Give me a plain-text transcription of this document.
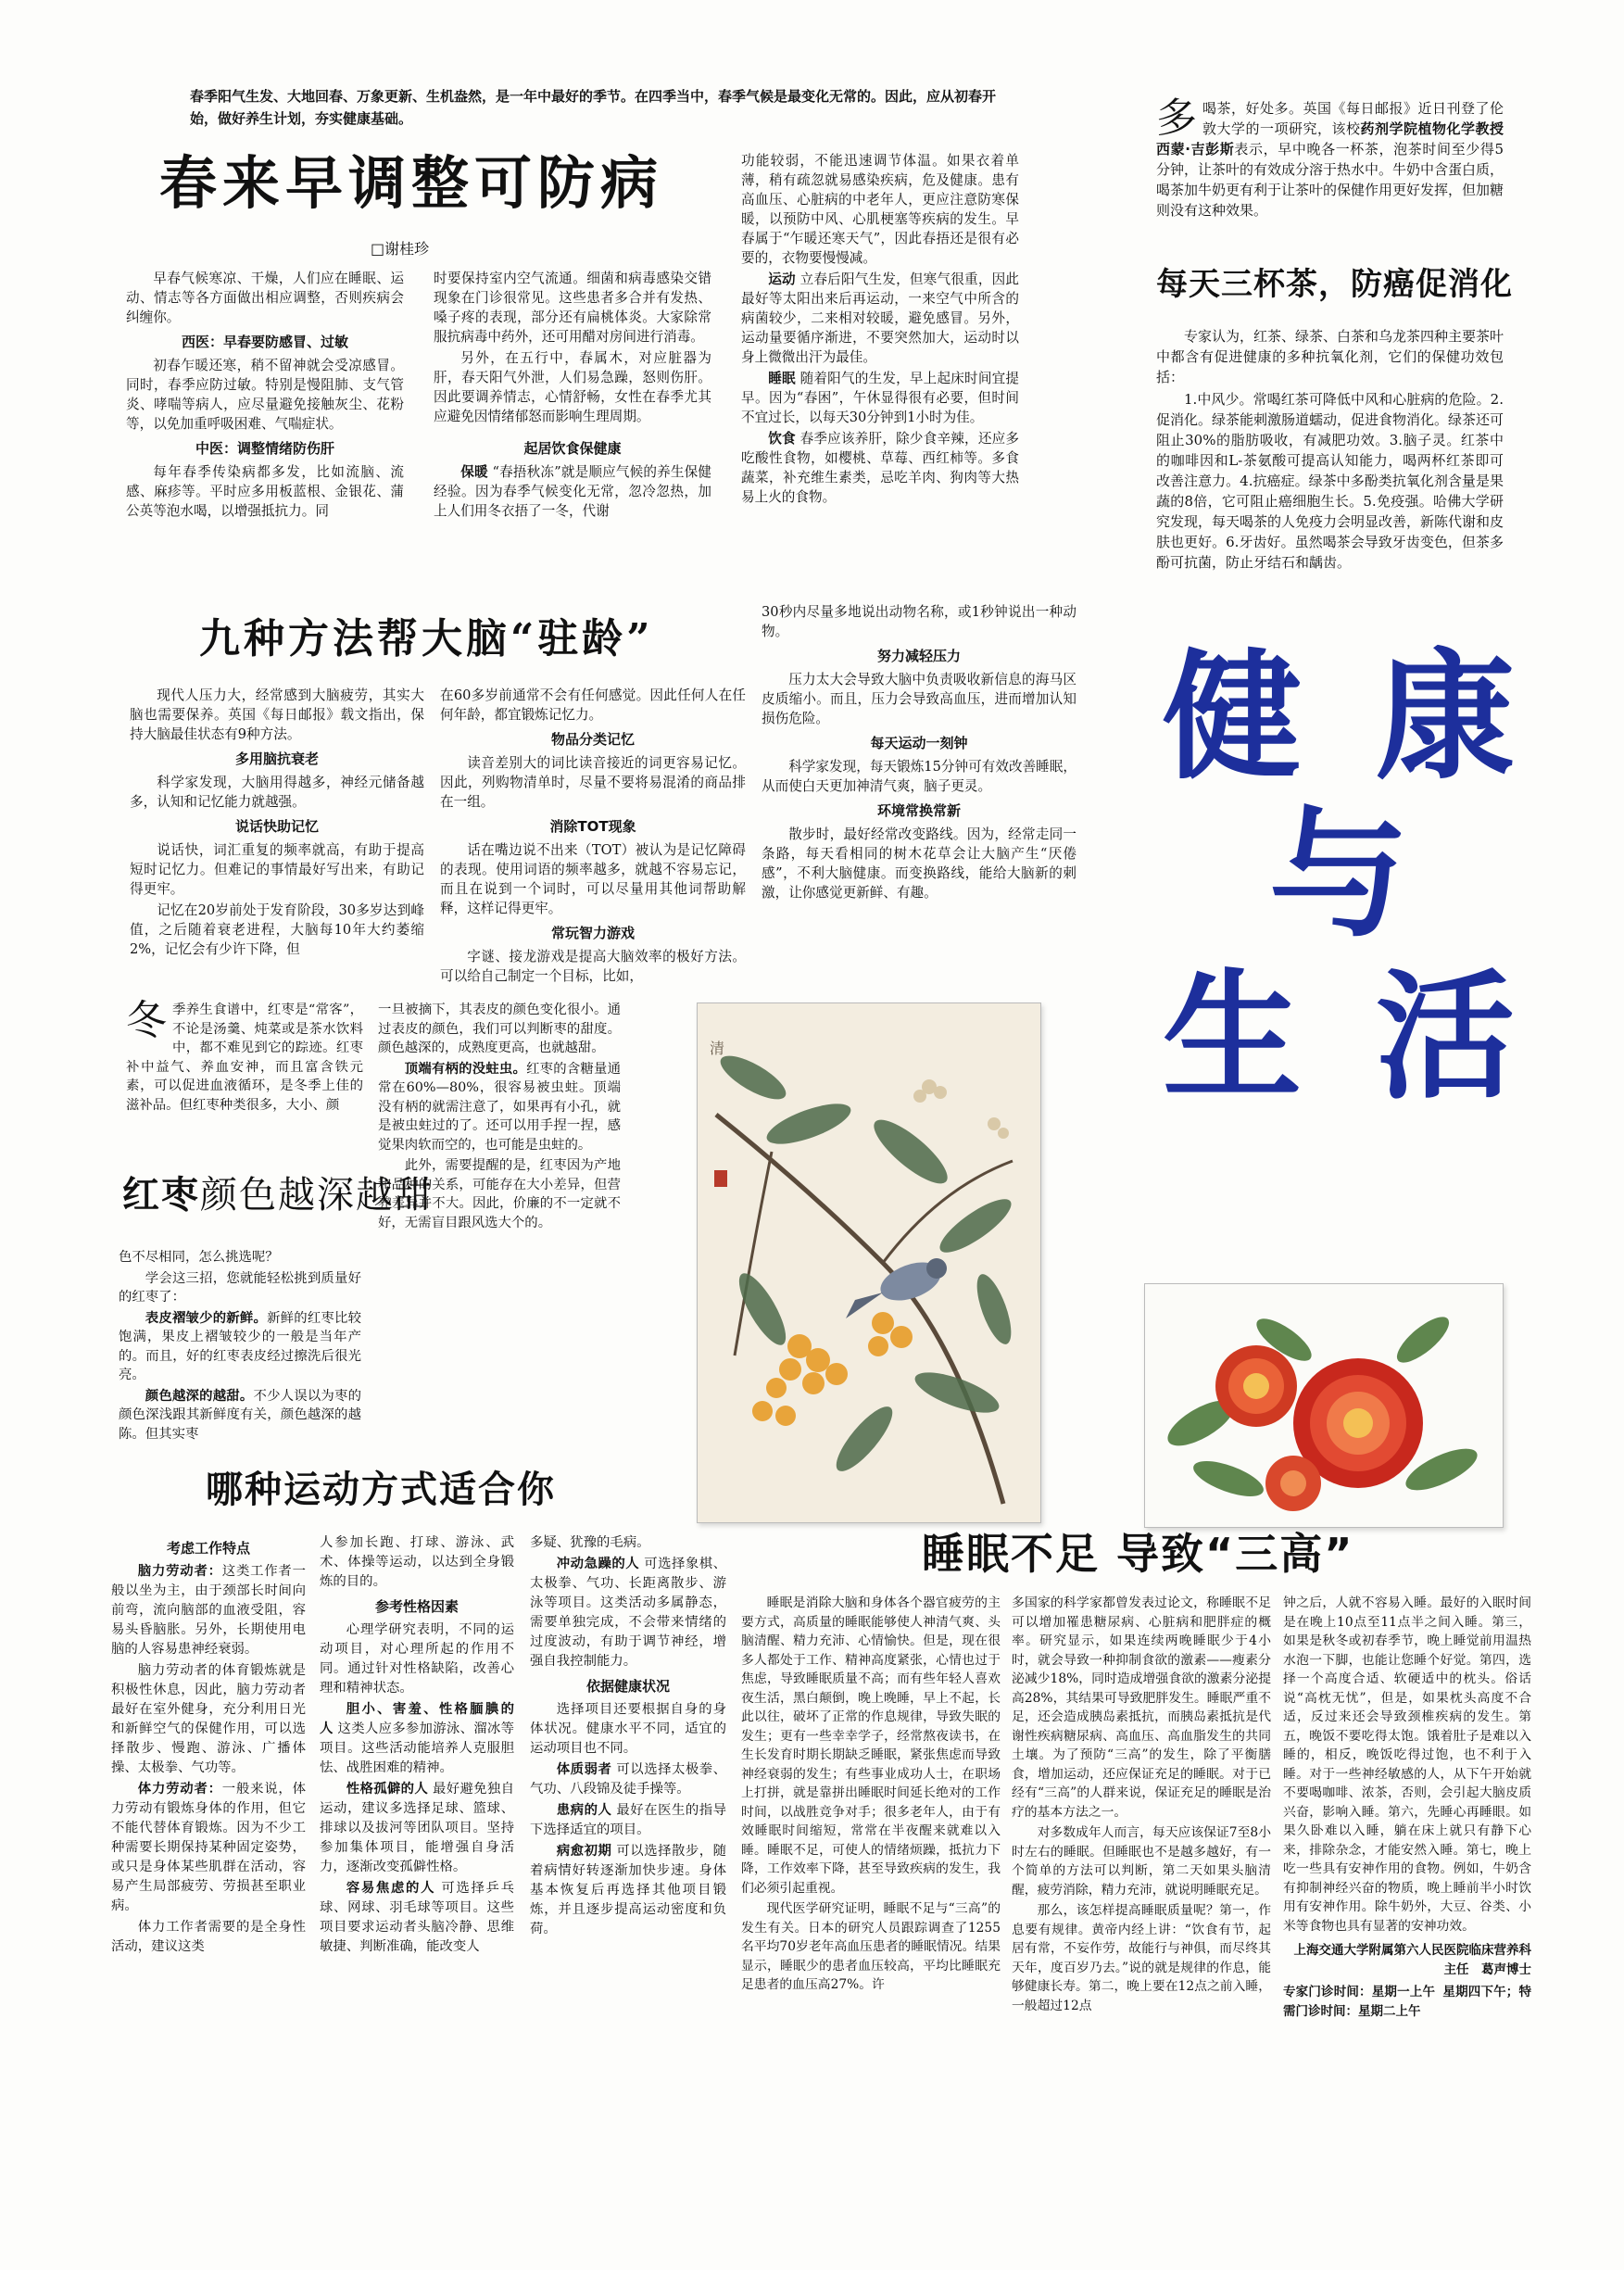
春季阳气生发、大地回春、万象更新、生机盎然，是一年中最好的季节。在四季当中，春季气候是最变化无常的。因此，应从初春开始，做好养生计划，夯实健康基础。
春来早调整可防病
□谢桂珍

早春气候寒凉、干燥，人们应在睡眠、运动、情志等各方面做出相应调整，否则疾病会纠缠你。

西医：早春要防感冒、过敏

初春乍暖还寒，稍不留神就会受凉感冒。同时，春季应防过敏。特别是慢阻肺、支气管炎、哮喘等病人，应尽量避免接触灰尘、花粉等，以免加重呼吸困难、气喘症状。

中医：调整情绪防伤肝

每年春季传染病都多发，比如流脑、流感、麻疹等。平时应多用板蓝根、金银花、蒲公英等泡水喝，以增强抵抗力。同

时要保持室内空气流通。细菌和病毒感染交错现象在门诊很常见。这些患者多合并有发热、嗓子疼的表现，部分还有扁桃体炎。大家除常服抗病毒中药外，还可用醋对房间进行消毒。

另外，在五行中，春属木，对应脏器为肝，春天阳气外泄，人们易急躁，怒则伤肝。因此要调养情志，心情舒畅，女性在春季尤其应避免因情绪郁怒而影响生理周期。

起居饮食保健康

保暖 “春捂秋冻”就是顺应气候的养生保健经验。因为春季气候变化无常，忽冷忽热，加上人们用冬衣捂了一冬，代谢

功能较弱，不能迅速调节体温。如果衣着单薄，稍有疏忽就易感染疾病，危及健康。患有高血压、心脏病的中老年人，更应注意防寒保暖，以预防中风、心肌梗塞等疾病的发生。早春属于“乍暖还寒天气”，因此春捂还是很有必要的，衣物要慢慢减。

运动 立春后阳气生发，但寒气很重，因此最好等太阳出来后再运动，一来空气中所含的病菌较少，二来相对较暖，避免感冒。另外，运动量要循序渐进，不要突然加大，运动时以身上微微出汗为最佳。

睡眠 随着阳气的生发，早上起床时间宜提早。因为“春困”，午休显得很有必要，但时间不宜过长，以每天30分钟到1小时为佳。

饮食 春季应该养肝，除少食辛辣，还应多吃酸性食物，如樱桃、草莓、西红柿等。多食蔬菜，补充维生素类，忌吃羊肉、狗肉等大热易上火的食物。

多喝茶，好处多。英国《每日邮报》近日刊登了伦敦大学的一项研究，该校药剂学院植物化学教授西蒙·吉彭斯表示，早中晚各一杯茶，泡茶时间至少得5分钟，让茶叶的有效成分溶于热水中。牛奶中含蛋白质，喝茶加牛奶更有利于让茶叶的保健作用更好发挥，但加糖则没有这种效果。
每天三杯茶，防癌促消化

专家认为，红茶、绿茶、白茶和乌龙茶四种主要茶叶中都含有促进健康的多种抗氧化剂，它们的保健功效包括：

1.中风少。常喝红茶可降低中风和心脏病的危险。2.促消化。绿茶能刺激肠道蠕动，促进食物消化。绿茶还可阻止30%的脂肪吸收，有减肥功效。3.脑子灵。红茶中的咖啡因和L-茶氨酸可提高认知能力，喝两杯红茶即可改善注意力。4.抗癌症。绿茶中多酚类抗氧化剂含量是果蔬的8倍，它可阻止癌细胞生长。5.免疫强。哈佛大学研究发现，每天喝茶的人免疫力会明显改善，新陈代谢和皮肤也更好。6.牙齿好。虽然喝茶会导致牙齿变色，但茶多酚可抗菌，防止牙结石和龋齿。

健 康
与
生 活
九种方法帮大脑“驻龄”

现代人压力大，经常感到大脑疲劳，其实大脑也需要保养。英国《每日邮报》载文指出，保持大脑最佳状态有9种方法。

多用脑抗衰老

科学家发现，大脑用得越多，神经元储备越多，认知和记忆能力就越强。

说话快助记忆

说话快，词汇重复的频率就高，有助于提高短时记忆力。但难记的事情最好写出来，有助记得更牢。

记忆在20岁前处于发育阶段，30多岁达到峰值，之后随着衰老进程，大脑每10年大约萎缩2%，记忆会有少许下降，但

在60多岁前通常不会有任何感觉。因此任何人在任何年龄，都宜锻炼记忆力。

物品分类记忆

读音差别大的词比读音接近的词更容易记忆。因此，列购物清单时，尽量不要将易混淆的商品排在一组。

消除TOT现象

话在嘴边说不出来（TOT）被认为是记忆障碍的表现。使用词语的频率越多，就越不容易忘记，而且在说到一个词时，可以尽量用其他词帮助解释，这样记得更牢。

常玩智力游戏

字谜、接龙游戏是提高大脑效率的极好方法。可以给自己制定一个目标，比如，

30秒内尽量多地说出动物名称，或1秒钟说出一种动物。

努力减轻压力

压力太大会导致大脑中负责吸收新信息的海马区皮质缩小。而且，压力会导致高血压，进而增加认知损伤危险。

每天运动一刻钟

科学家发现，每天锻炼15分钟可有效改善睡眠，从而使白天更加神清气爽，脑子更灵。

环境常换常新

散步时，最好经常改变路线。因为，经常走同一条路，每天看相同的树木花草会让大脑产生“厌倦感”，不利大脑健康。而变换路线，能给大脑新的刺激，让你感觉更新鲜、有趣。

冬季养生食谱中，红枣是“常客”，不论是汤羹、炖菜或是茶水饮料中，都不难见到它的踪迹。红枣补中益气、养血安神，而且富含铁元素，可以促进血液循环，是冬季上佳的滋补品。但红枣种类很多，大小、颜
红枣颜色越深越甜

色不尽相同，怎么挑选呢？

学会这三招，您就能轻松挑到质量好的红枣了：

表皮褶皱少的新鲜。新鲜的红枣比较饱满，果皮上褶皱较少的一般是当年产的。而且，好的红枣表皮经过擦洗后很光亮。

颜色越深的越甜。不少人误以为枣的颜色深浅跟其新鲜度有关，颜色越深的越陈。但其实枣

一旦被摘下，其表皮的颜色变化很小。通过表皮的颜色，我们可以判断枣的甜度。颜色越深的，成熟度更高，也就越甜。

顶端有柄的没蛀虫。红枣的含糖量通常在60%—80%，很容易被虫蛀。顶端没有柄的就需注意了，如果再有小孔，就是被虫蛀过的了。还可以用手捏一捏，感觉果肉软而空的，也可能是虫蛀的。

此外，需要提醒的是，红枣因为产地和品种的关系，可能存在大小差异，但营养差异并不大。因此，价廉的不一定就不好，无需盲目跟风选大个的。

清
哪种运动方式适合你
考虑工作特点

脑力劳动者：这类工作者一般以坐为主，由于颈部长时间向前弯，流向脑部的血液受阻，容易头昏脑胀。另外，长期使用电脑的人容易患神经衰弱。

脑力劳动者的体育锻炼就是积极性休息，因此，脑力劳动者最好在室外健身，充分利用日光和新鲜空气的保健作用，可以选择散步、慢跑、游泳、广播体操、太极拳、气功等。

体力劳动者：一般来说，体力劳动有锻炼身体的作用，但它不能代替体育锻炼。因为不少工种需要长期保持某种固定姿势，或只是身体某些肌群在活动，容易产生局部疲劳、劳损甚至职业病。

体力工作者需要的是全身性活动，建议这类

人参加长跑、打球、游泳、武术、体操等运动，以达到全身锻炼的目的。

参考性格因素

心理学研究表明，不同的运动项目，对心理所起的作用不同。通过针对性格缺陷，改善心理和精神状态。

胆小、害羞、性格腼腆的人 这类人应多参加游泳、溜冰等项目。这些活动能培养人克服胆怯、战胜困难的精神。

性格孤僻的人 最好避免独自运动，建议多选择足球、篮球、排球以及拔河等团队项目。坚持参加集体项目，能增强自身活力，逐渐改变孤僻性格。

容易焦虑的人 可选择乒乓球、网球、羽毛球等项目。这些项目要求运动者头脑冷静、思维敏捷、判断准确，能改变人

多疑、犹豫的毛病。

冲动急躁的人 可选择象棋、太极拳、气功、长距离散步、游泳等项目。这类活动多属静态，需要单独完成，不会带来情绪的过度波动，有助于调节神经，增强自我控制能力。

依据健康状况

选择项目还要根据自身的身体状况。健康水平不同，适宜的运动项目也不同。

体质弱者 可以选择太极拳、气功、八段锦及徒手操等。

患病的人 最好在医生的指导下选择适宜的项目。

病愈初期 可以选择散步，随着病情好转逐渐加快步速。身体基本恢复后再选择其他项目锻炼，并且逐步提高运动密度和负荷。

睡眠不足 导致“三高”

睡眠是消除大脑和身体各个器官疲劳的主要方式，高质量的睡眠能够使人神清气爽、头脑清醒、精力充沛、心情愉快。但是，现在很多人都处于工作、精神高度紧张，心情也过于焦虑，导致睡眠质量不高；而有些年轻人喜欢夜生活，黑白颠倒，晚上晚睡，早上不起，长此以往，破坏了正常的作息规律，导致失眠的发生；更有一些幸幸学子，经常熬夜读书，在生长发育时期长期缺乏睡眠，紧张焦虑而导致神经衰弱的发生；有些事业成功人士，在职场上打拼，就是靠拼出睡眠时间延长绝对的工作时间，以战胜竞争对手；很多老年人，由于有效睡眠时间缩短，常常在半夜醒来就难以入睡。睡眠不足，可使人的情绪烦躁，抵抗力下降，工作效率下降，甚至导致疾病的发生，我们必须引起重视。

现代医学研究证明，睡眠不足与“三高”的发生有关。日本的研究人员跟踪调查了1255名平均70岁老年高血压患者的睡眠情况。结果显示，睡眠少的患者血压较高，平均比睡眠充足患者的血压高27%。许

多国家的科学家都曾发表过论文，称睡眠不足可以增加罹患糖尿病、心脏病和肥胖症的概率。研究显示，如果连续两晚睡眠少于4小时，就会导致一种抑制食欲的激素——瘦素分泌减少18%，同时造成增强食欲的激素分泌提高28%，其结果可导致肥胖发生。睡眠严重不足，还会造成胰岛素抵抗，而胰岛素抵抗是代谢性疾病糖尿病、高血压、高血脂发生的共同土壤。为了预防“三高”的发生，除了平衡膳食，增加运动，还应保证充足的睡眠。对于已经有“三高”的人群来说，保证充足的睡眠是治疗的基本方法之一。

对多数成年人而言，每天应该保证7至8小时左右的睡眠。但睡眠也不是越多越好，有一个简单的方法可以判断，第二天如果头脑清醒，疲劳消除，精力充沛，就说明睡眠充足。

那么，该怎样提高睡眠质量呢？第一，作息要有规律。黄帝内经上讲：“饮食有节，起居有常，不妄作劳，故能行与神俱，而尽终其天年，度百岁乃去。”说的就是规律的作息，能够健康长寿。第二，晚上要在12点之前入睡，一般超过12点

钟之后，人就不容易入睡。最好的入眠时间是在晚上10点至11点半之间入睡。第三，如果是秋冬或初春季节，晚上睡觉前用温热水泡一下脚，也能让您睡个好觉。第四，选择一个高度合适、软硬适中的枕头。俗话说“高枕无忧”，但是，如果枕头高度不合适，反过来还会导致颈椎疾病的发生。第五，晚饭不要吃得太饱。饿着肚子是难以入睡的，相反，晚饭吃得过饱，也不利于入睡。对于一些神经敏感的人，从下午开始就不要喝咖啡、浓茶，否则，会引起大脑皮质兴奋，影响入睡。第六，先睡心再睡眼。如果久卧难以入睡，躺在床上就只有静下心来，排除杂念，才能安然入睡。第七，晚上吃一些具有安神作用的食物。例如，牛奶含有抑制神经兴奋的物质，晚上睡前半小时饮用有安神作用。除牛奶外，大豆、谷类、小米等食物也具有显著的安神功效。

上海交通大学附属第六人民医院临床营养科主任　葛声博士
专家门诊时间：星期一上午 星期四下午；特需门诊时间：星期二上午
